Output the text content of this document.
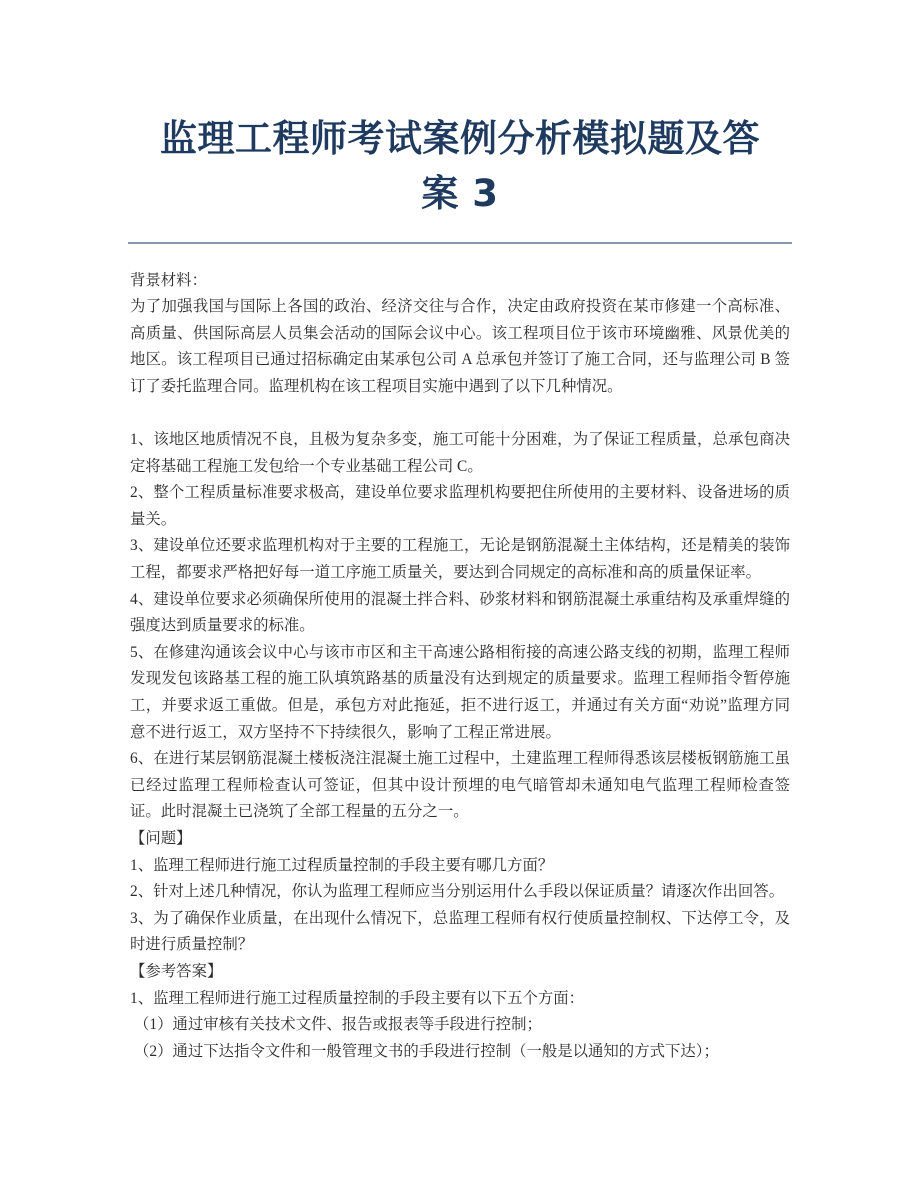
监理工程师考试案例分析模拟题及答
案 3

背景材料：

为了加强我国与国际上各国的政治、经济交往与合作，决定由政府投资在某市修建一个高标准、高质量、供国际高层人员集会活动的国际会议中心。该工程项目位于该市环境幽雅、风景优美的地区。该工程项目已通过招标确定由某承包公司 A 总承包并签订了施工合同，还与监理公司 B 签订了委托监理合同。监理机构在该工程项目实施中遇到了以下几种情况。

1、该地区地质情况不良，且极为复杂多变，施工可能十分困难，为了保证工程质量，总承包商决定将基础工程施工发包给一个专业基础工程公司 C。

2、整个工程质量标准要求极高，建设单位要求监理机构要把住所使用的主要材料、设备进场的质量关。

3、建设单位还要求监理机构对于主要的工程施工，无论是钢筋混凝土主体结构，还是精美的装饰工程，都要求严格把好每一道工序施工质量关，要达到合同规定的高标准和高的质量保证率。

4、建设单位要求必须确保所使用的混凝土拌合料、砂浆材料和钢筋混凝土承重结构及承重焊缝的强度达到质量要求的标准。

5、在修建沟通该会议中心与该市市区和主干高速公路相衔接的高速公路支线的初期，监理工程师发现发包该路基工程的施工队填筑路基的质量没有达到规定的质量要求。监理工程师指令暂停施工，并要求返工重做。但是，承包方对此拖延，拒不进行返工，并通过有关方面“劝说”监理方同意不进行返工，双方坚持不下持续很久，影响了工程正常进展。

6、在进行某层钢筋混凝土楼板浇注混凝土施工过程中，土建监理工程师得悉该层楼板钢筋施工虽已经过监理工程师检查认可签证，但其中设计预埋的电气暗管却未通知电气监理工程师检查签证。此时混凝土已浇筑了全部工程量的五分之一。

【问题】

1、监理工程师进行施工过程质量控制的手段主要有哪几方面？

2、针对上述几种情况，你认为监理工程师应当分别运用什么手段以保证质量？请逐次作出回答。

3、为了确保作业质量，在出现什么情况下，总监理工程师有权行使质量控制权、下达停工令，及时进行质量控制？

【参考答案】

1、监理工程师进行施工过程质量控制的手段主要有以下五个方面：

（1）通过审核有关技术文件、报告或报表等手段进行控制；

（2）通过下达指令文件和一般管理文书的手段进行控制（一般是以通知的方式下达）；
